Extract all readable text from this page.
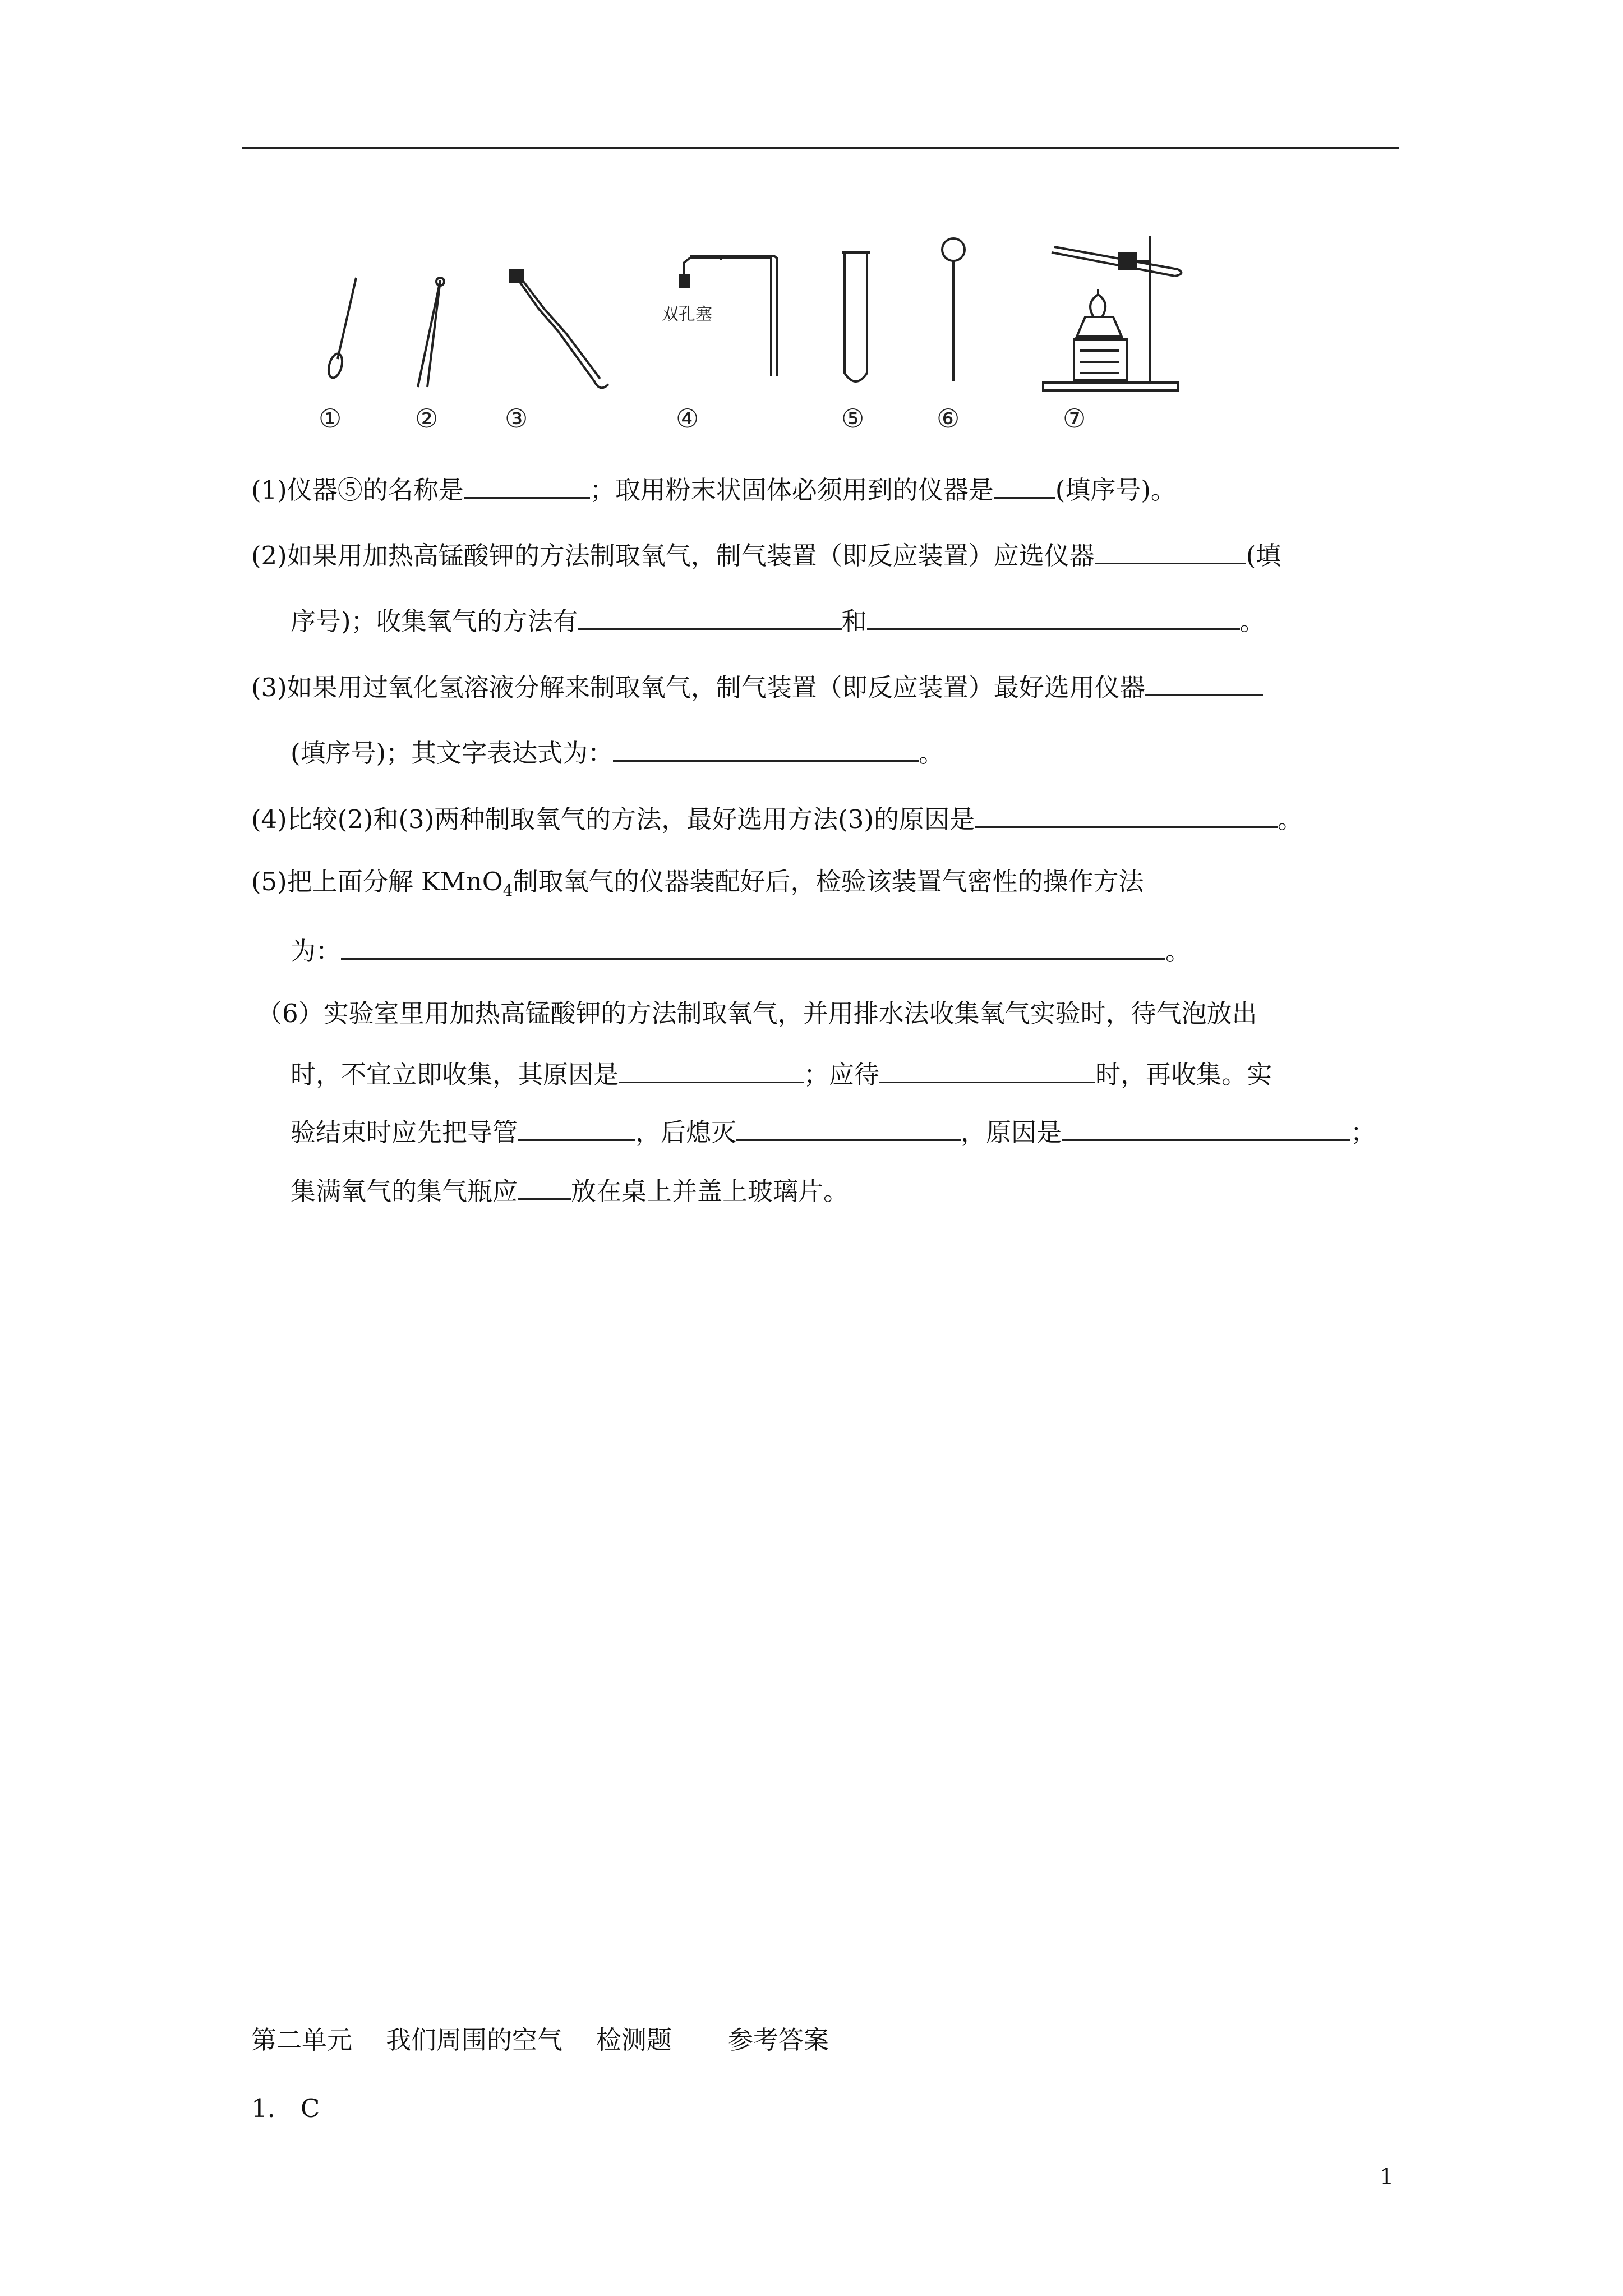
双孔塞
①	②	③	④	⑤	⑥	⑦
(1)仪器⑤的名称是	；取用粉末状固体必须用到的仪器是 (填序号)。
(2)如果用加热高锰酸钾的方法制取氧气，制气装置（即反应装置）应选仪器	(填
序号)；收集氧气的方法有	和	。
(3)如果用过氧化氢溶液分解来制取氧气，制气装置（即反应装置）最好选用仪器
(填序号)；其文字表达式为：	。
(4)比较(2)和(3)两种制取氧气的方法，最好选用方法(3)的原因是	。
(5)把上面分解 KMnO$_4$制取氧气的仪器装配好后，检验该装置气密性的操作方法
为：	。
（6）实验室里用加热高锰酸钾的方法制取氧气，并用排水法收集氧气实验时，待气泡放出
时，不宜立即收集，其原因是	；应待	时，再收集。实
验结束时应先把导管	，后熄灭	，原因是	；
集满氧气的集气瓶应 放在桌上并盖上玻璃片。
第二单元 我们周围的空气 检测题 参考答案
1.　C
1
